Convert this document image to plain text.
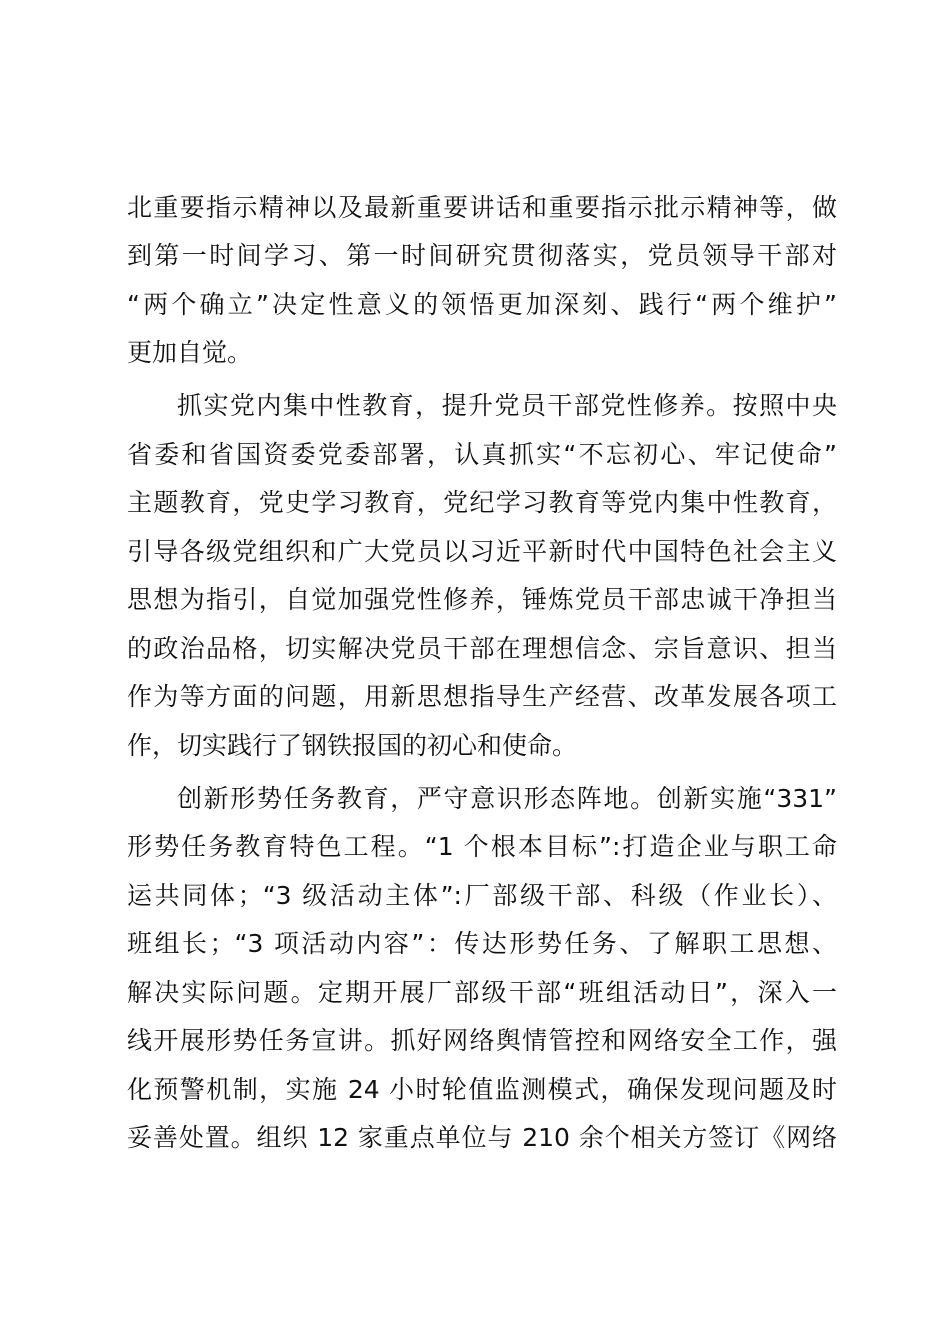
北重要指示精神以及最新重要讲话和重要指示批示精神等，做
到第一时间学习、第一时间研究贯彻落实，党员领导干部对
“两个确立”决定性意义的领悟更加深刻、践行“两个维护”
更加自觉。
抓实党内集中性教育，提升党员干部党性修养。按照中央
省委和省国资委党委部署，认真抓实“不忘初心、牢记使命”
主题教育，党史学习教育，党纪学习教育等党内集中性教育，
引导各级党组织和广大党员以习近平新时代中国特色社会主义
思想为指引，自觉加强党性修养，锤炼党员干部忠诚干净担当
的政治品格，切实解决党员干部在理想信念、宗旨意识、担当
作为等方面的问题，用新思想指导生产经营、改革发展各项工
作，切实践行了钢铁报国的初心和使命。
创新形势任务教育，严守意识形态阵地。创新实施“331”
形势任务教育特色工程。“1 个根本目标”:打造企业与职工命
运共同体；“3 级活动主体”:厂部级干部、科级（作业长）、
班组长；“3 项活动内容”：传达形势任务、了解职工思想、
解决实际问题。定期开展厂部级干部“班组活动日”，深入一
线开展形势任务宣讲。抓好网络舆情管控和网络安全工作，强
化预警机制，实施 24 小时轮值监测模式，确保发现问题及时
妥善处置。组织 12 家重点单位与 210 余个相关方签订《网络
